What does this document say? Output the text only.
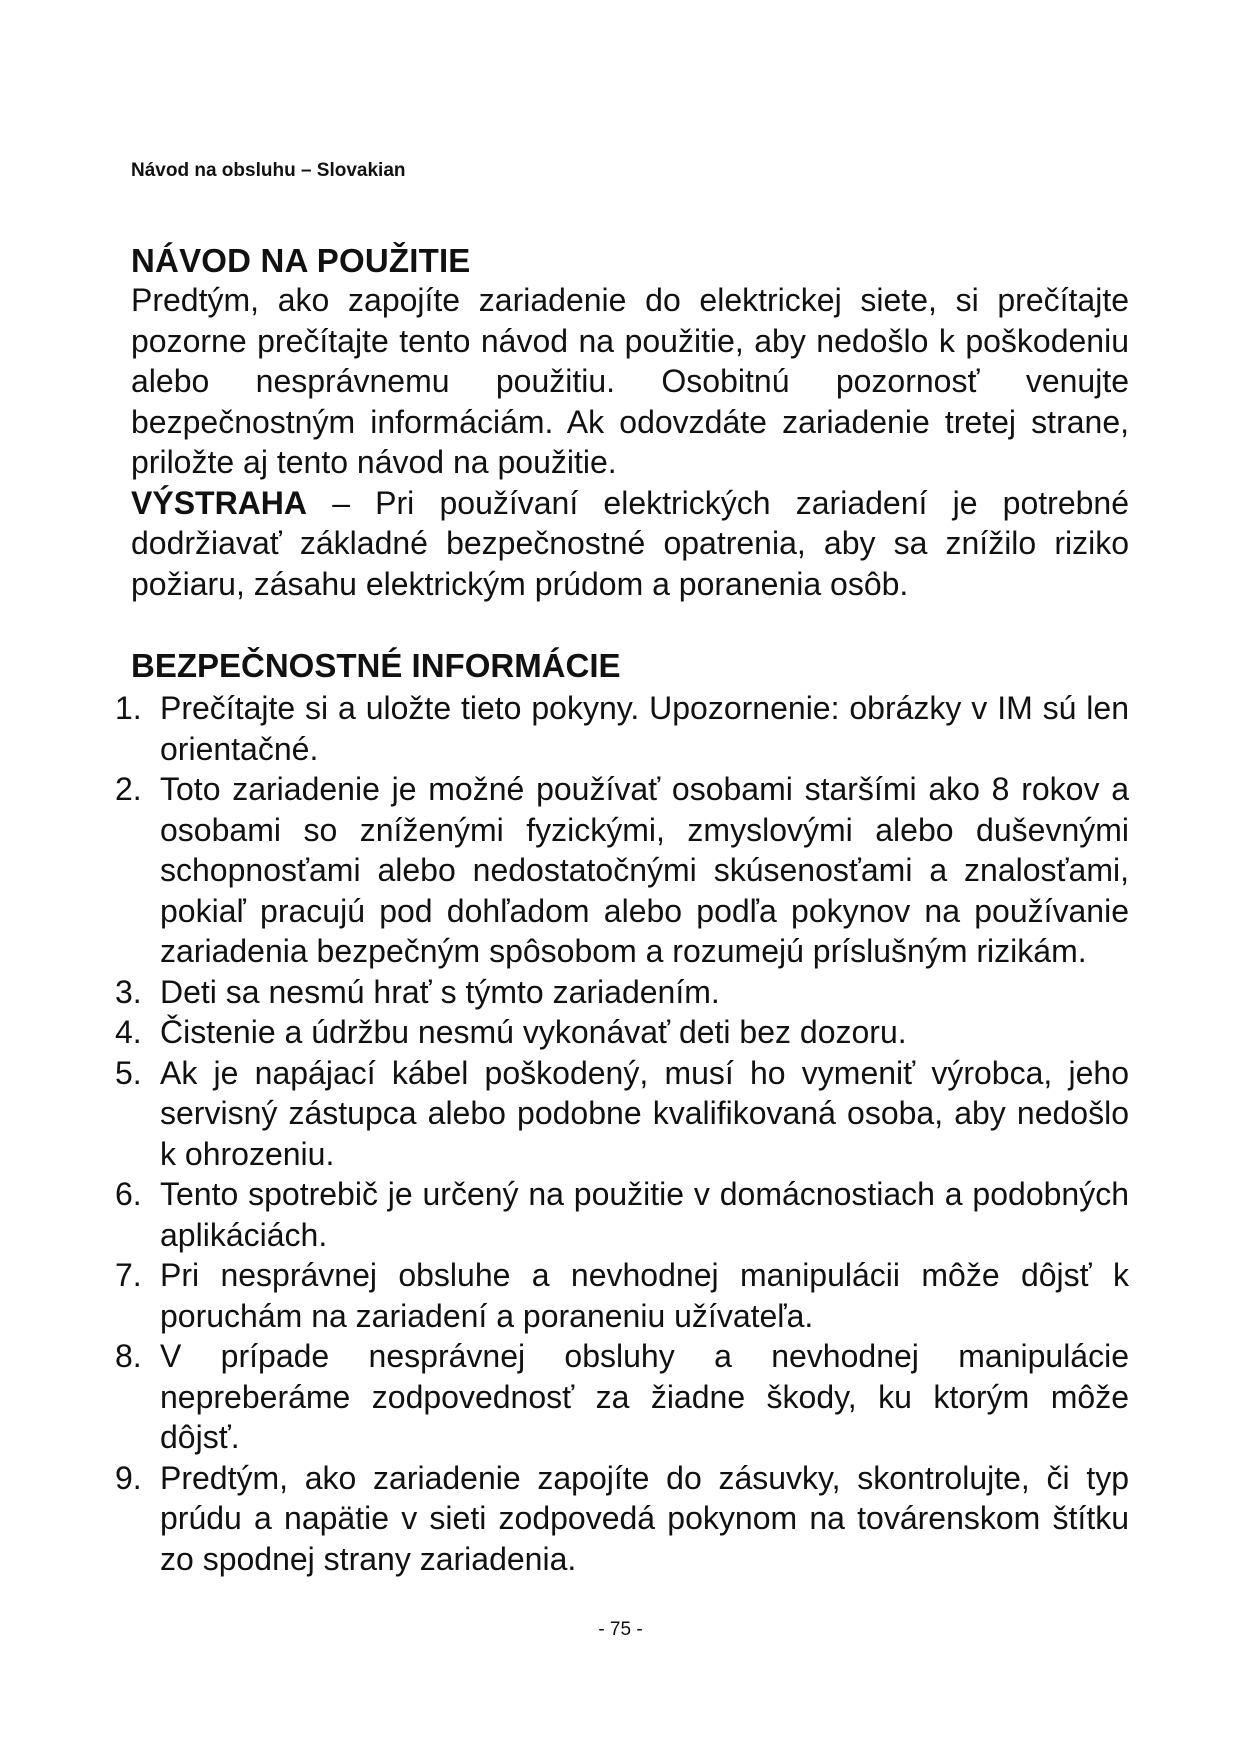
Návod na obsluhu – Slovakian
NÁVOD NA POUŽITIE
Predtým, ako zapojíte zariadenie do elektrickej siete, si prečítajte pozorne prečítajte tento návod na použitie, aby nedošlo k poškodeniu alebo nesprávnemu použitiu. Osobitnú pozornosť venujte bezpečnostným informáciám. Ak odovzdáte zariadenie tretej strane, priložte aj tento návod na použitie.
VÝSTRAHA – Pri používaní elektrických zariadení je potrebné dodržiavať základné bezpečnostné opatrenia, aby sa znížilo riziko požiaru, zásahu elektrickým prúdom a poranenia osôb.
BEZPEČNOSTNÉ INFORMÁCIE
1. Prečítajte si a uložte tieto pokyny. Upozornenie: obrázky v IM sú len orientačné.
2. Toto zariadenie je možné používať osobami staršími ako 8 rokov a osobami so zníženými fyzickými, zmyslovými alebo duševnými schopnosťami alebo nedostatočnými skúsenosťami a znalosťami, pokiaľ pracujú pod dohľadom alebo podľa pokynov na používanie zariadenia bezpečným spôsobom a rozumejú príslušným rizikám.
3. Deti sa nesmú hrať s týmto zariadením.
4. Čistenie a údržbu nesmú vykonávať deti bez dozoru.
5. Ak je napájací kábel poškodený, musí ho vymeniť výrobca, jeho servisný zástupca alebo podobne kvalifikovaná osoba, aby nedošlo k ohrozeniu.
6. Tento spotrebič je určený na použitie v domácnostiach a podobných aplikáciách.
7. Pri nesprávnej obsluhe a nevhodnej manipulácii môže dôjsť k poruchám na zariadení a poraneniu užívateľa.
8. V prípade nesprávnej obsluhy a nevhodnej manipulácie nepreberáme zodpovednosť za žiadne škody, ku ktorým môže dôjsť.
9. Predtým, ako zariadenie zapojíte do zásuvky, skontrolujte, či typ prúdu a napätie v sieti zodpovedá pokynom na továrenskom štítku zo spodnej strany zariadenia.
- 75 -
